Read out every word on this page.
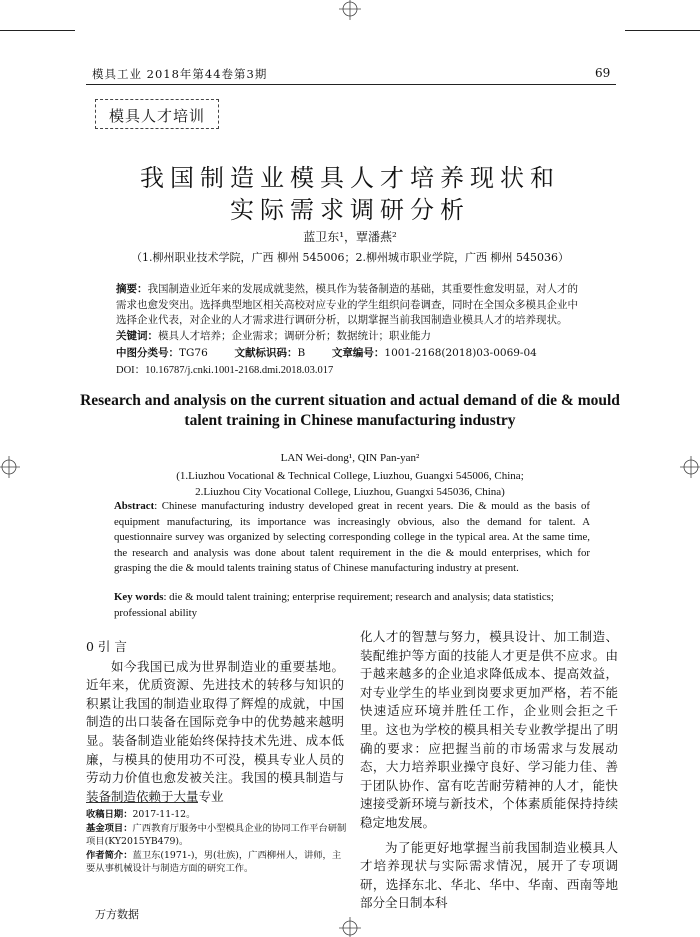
模具工业 2018年第44卷第3期	69
模具人才培训
我国制造业模具人才培养现状和
实际需求调研分析
蓝卫东¹，覃潘燕²
（1.柳州职业技术学院，广西 柳州 545006；2.柳州城市职业学院，广西 柳州 545036）
摘要：我国制造业近年来的发展成就斐然，模具作为装备制造的基础，其重要性愈发明显，对人才的需求也愈发突出。选择典型地区相关高校对应专业的学生组织问卷调查，同时在全国众多模具企业中选择企业代表，对企业的人才需求进行调研分析，以期掌握当前我国制造业模具人才的培养现状。
关键词：模具人才培养；企业需求；调研分析；数据统计；职业能力
中图分类号：TG76	文献标识码：B	文章编号：1001-2168(2018)03-0069-04
DOI：10.16787/j.cnki.1001-2168.dmi.2018.03.017
Research and analysis on the current situation and actual demand of die & mould talent training in Chinese manufacturing industry
LAN Wei-dong¹, QIN Pan-yan²
(1.Liuzhou Vocational & Technical College, Liuzhou, Guangxi 545006, China;
2.Liuzhou City Vocational College, Liuzhou, Guangxi 545036, China)
Abstract: Chinese manufacturing industry developed great in recent years. Die & mould as the basis of equipment manufacturing, its importance was increasingly obvious, also the demand for talent. A questionnaire survey was organized by selecting corresponding college in the typical area. At the same time, the research and analysis was done about talent requirement in the die & mould enterprises, which for grasping the die & mould talents training status of Chinese manufacturing industry at present.
Key words: die & mould talent training; enterprise requirement; research and analysis; data statistics; professional ability
0 引 言
如今我国已成为世界制造业的重要基地。近年来，优质资源、先进技术的转移与知识的积累让我国的制造业取得了辉煌的成就，中国制造的出口装备在国际竞争中的优势越来越明显。装备制造业能始终保持技术先进、成本低廉，与模具的使用功不可没，模具专业人员的劳动力价值也愈发被关注。我国的模具制造与装备制造依赖于大量专业
化人才的智慧与努力，模具设计、加工制造、装配维护等方面的技能人才更是供不应求。由于越来越多的企业追求降低成本、提高效益，对专业学生的毕业到岗要求更加严格，若不能快速适应环境并胜任工作，企业则会拒之千里。这也为学校的模具相关专业教学提出了明确的要求：应把握当前的市场需求与发展动态，大力培养职业操守良好、学习能力佳、善于团队协作、富有吃苦耐劳精神的人才，能快速接受新环境与新技术，个体素质能保持持续稳定地发展。
为了能更好地掌握当前我国制造业模具人才培养现状与实际需求情况，展开了专项调研，选择东北、华北、华中、华南、西南等地部分全日制本科
收稿日期：2017-11-12。
基金项目：广西教育厅服务中小型模具企业的协同工作平台研制项目(KY2015YB479)。
作者简介：蓝卫东(1971-)，男(壮族)，广西柳州人，讲师，主要从事机械设计与制造方面的研究工作。
万方数据
